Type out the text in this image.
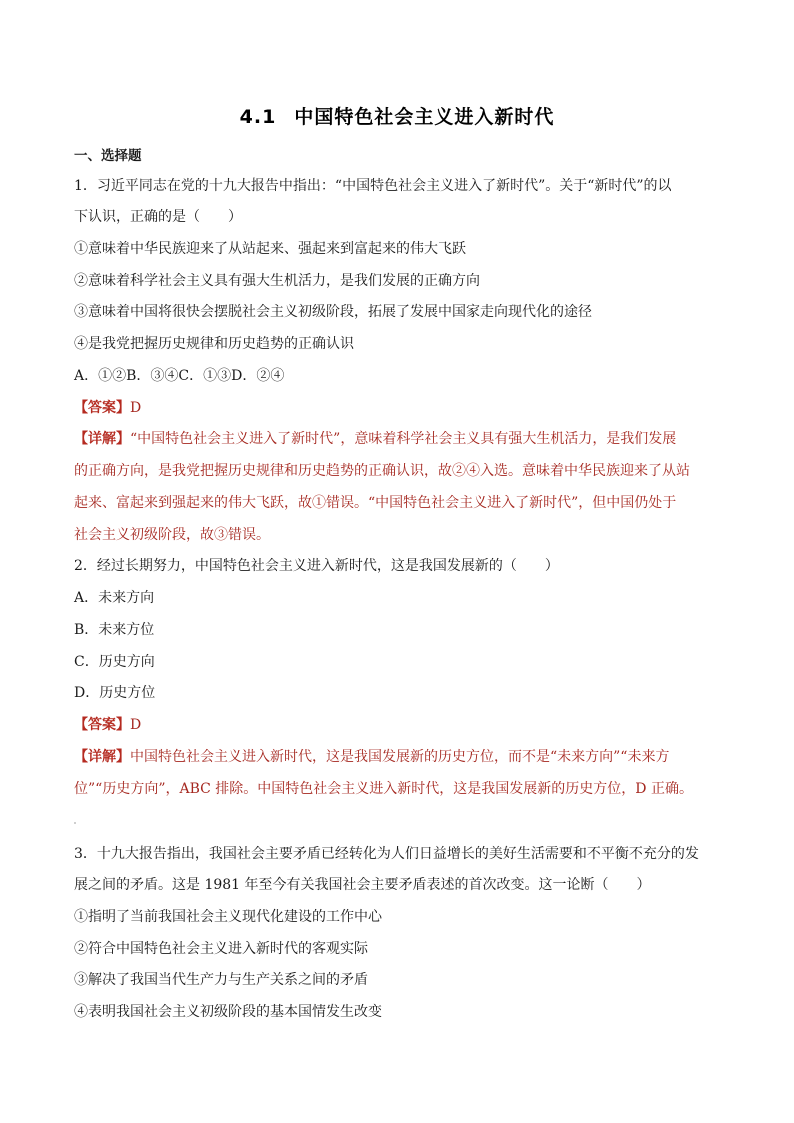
4.1 中国特色社会主义进入新时代
一、选择题
1．习近平同志在党的十九大报告中指出：“中国特色社会主义进入了新时代”。关于“新时代”的以
下认识，正确的是（　　）
①意味着中华民族迎来了从站起来、强起来到富起来的伟大飞跃
②意味着科学社会主义具有强大生机活力，是我们发展的正确方向
③意味着中国将很快会摆脱社会主义初级阶段，拓展了发展中国家走向现代化的途径
④是我党把握历史规律和历史趋势的正确认识
A．①②B．③④C．①③D．②④
【答案】D
【详解】“中国特色社会主义进入了新时代”，意味着科学社会主义具有强大生机活力，是我们发展
的正确方向，是我党把握历史规律和历史趋势的正确认识，故②④入选。意味着中华民族迎来了从站
起来、富起来到强起来的伟大飞跃，故①错误。“中国特色社会主义进入了新时代”，但中国仍处于
社会主义初级阶段，故③错误。
2．经过长期努力，中国特色社会主义进入新时代，这是我国发展新的（　　）
A．未来方向
B．未来方位
C．历史方向
D．历史方位
【答案】D
【详解】中国特色社会主义进入新时代，这是我国发展新的历史方位，而不是“未来方向”“未来方
位”“历史方向”，ABC 排除。中国特色社会主义进入新时代，这是我国发展新的历史方位，D 正确。
3．十九大报告指出，我国社会主要矛盾已经转化为人们日益增长的美好生活需要和不平衡不充分的发
展之间的矛盾。这是 1981 年至今有关我国社会主要矛盾表述的首次改变。这一论断（　　）
①指明了当前我国社会主义现代化建设的工作中心
②符合中国特色社会主义进入新时代的客观实际
③解决了我国当代生产力与生产关系之间的矛盾
④表明我国社会主义初级阶段的基本国情发生改变
